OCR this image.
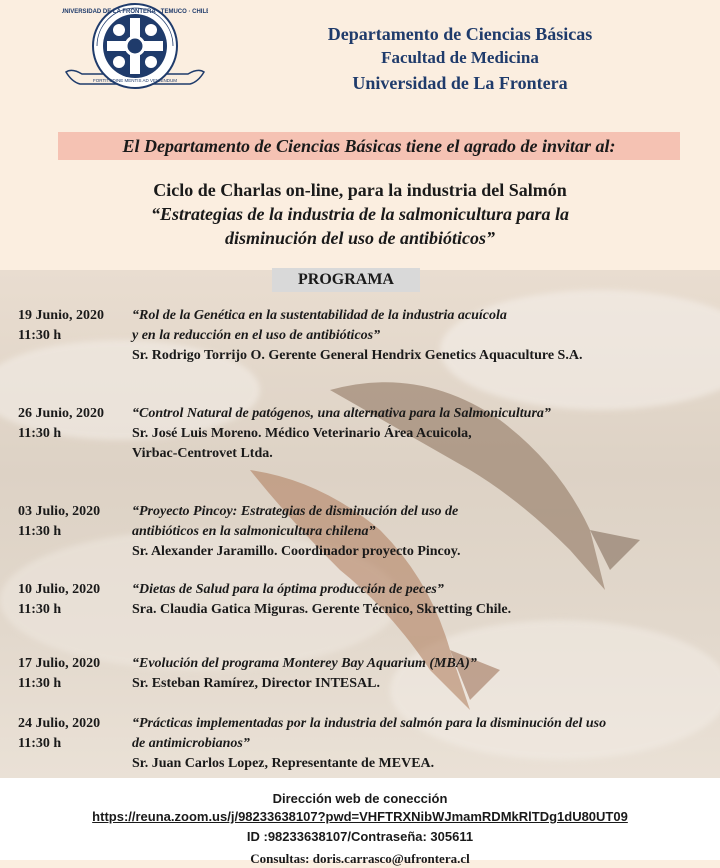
UNIVERSIDAD DE LA FRONTERA · TEMUCO · CHILE
FORTITUDINE MENTIS AD VENIENDUM
Departamento de Ciencias Básicas
Facultad de Medicina
Universidad de La Frontera
El Departamento de Ciencias Básicas tiene el agrado de invitar al:
Ciclo de Charlas on-line, para la industria del Salmón
“Estrategias de la industria de la salmonicultura para la
disminución del uso de antibióticos”
PROGRAMA
19 Junio, 2020
11:30 h
“Rol de la Genética en la sustentabilidad de la industria acuícola
y en la reducción en el uso de antibióticos”
Sr. Rodrigo Torrijo O. Gerente General Hendrix Genetics Aquaculture S.A.
26 Junio, 2020
11:30 h
“Control Natural de patógenos, una alternativa para la Salmonicultura”
Sr. José Luis Moreno. Médico Veterinario Área Acuicola,
Virbac-Centrovet Ltda.
03 Julio, 2020
11:30 h
“Proyecto Pincoy: Estrategias de disminución del uso de
antibióticos en la salmonicultura chilena”
Sr. Alexander Jaramillo. Coordinador proyecto Pincoy.
10 Julio, 2020
11:30 h
“Dietas de Salud para la óptima producción de peces”
Sra. Claudia Gatica Miguras. Gerente Técnico, Skretting Chile.
17 Julio, 2020
11:30 h
“Evolución del programa Monterey Bay Aquarium (MBA)”
Sr. Esteban Ramírez, Director INTESAL.
24 Julio, 2020
11:30 h
“Prácticas implementadas por la industria del salmón para la disminución del uso
de antimicrobianos”
Sr. Juan Carlos Lopez, Representante de MEVEA.
Dirección web de conección
https://reuna.zoom.us/j/98233638107?pwd=VHFTRXNibWJmamRDMkRlTDg1dU80UT09
ID :98233638107/Contraseña: 305611
Consultas: doris.carrasco@ufrontera.cl
